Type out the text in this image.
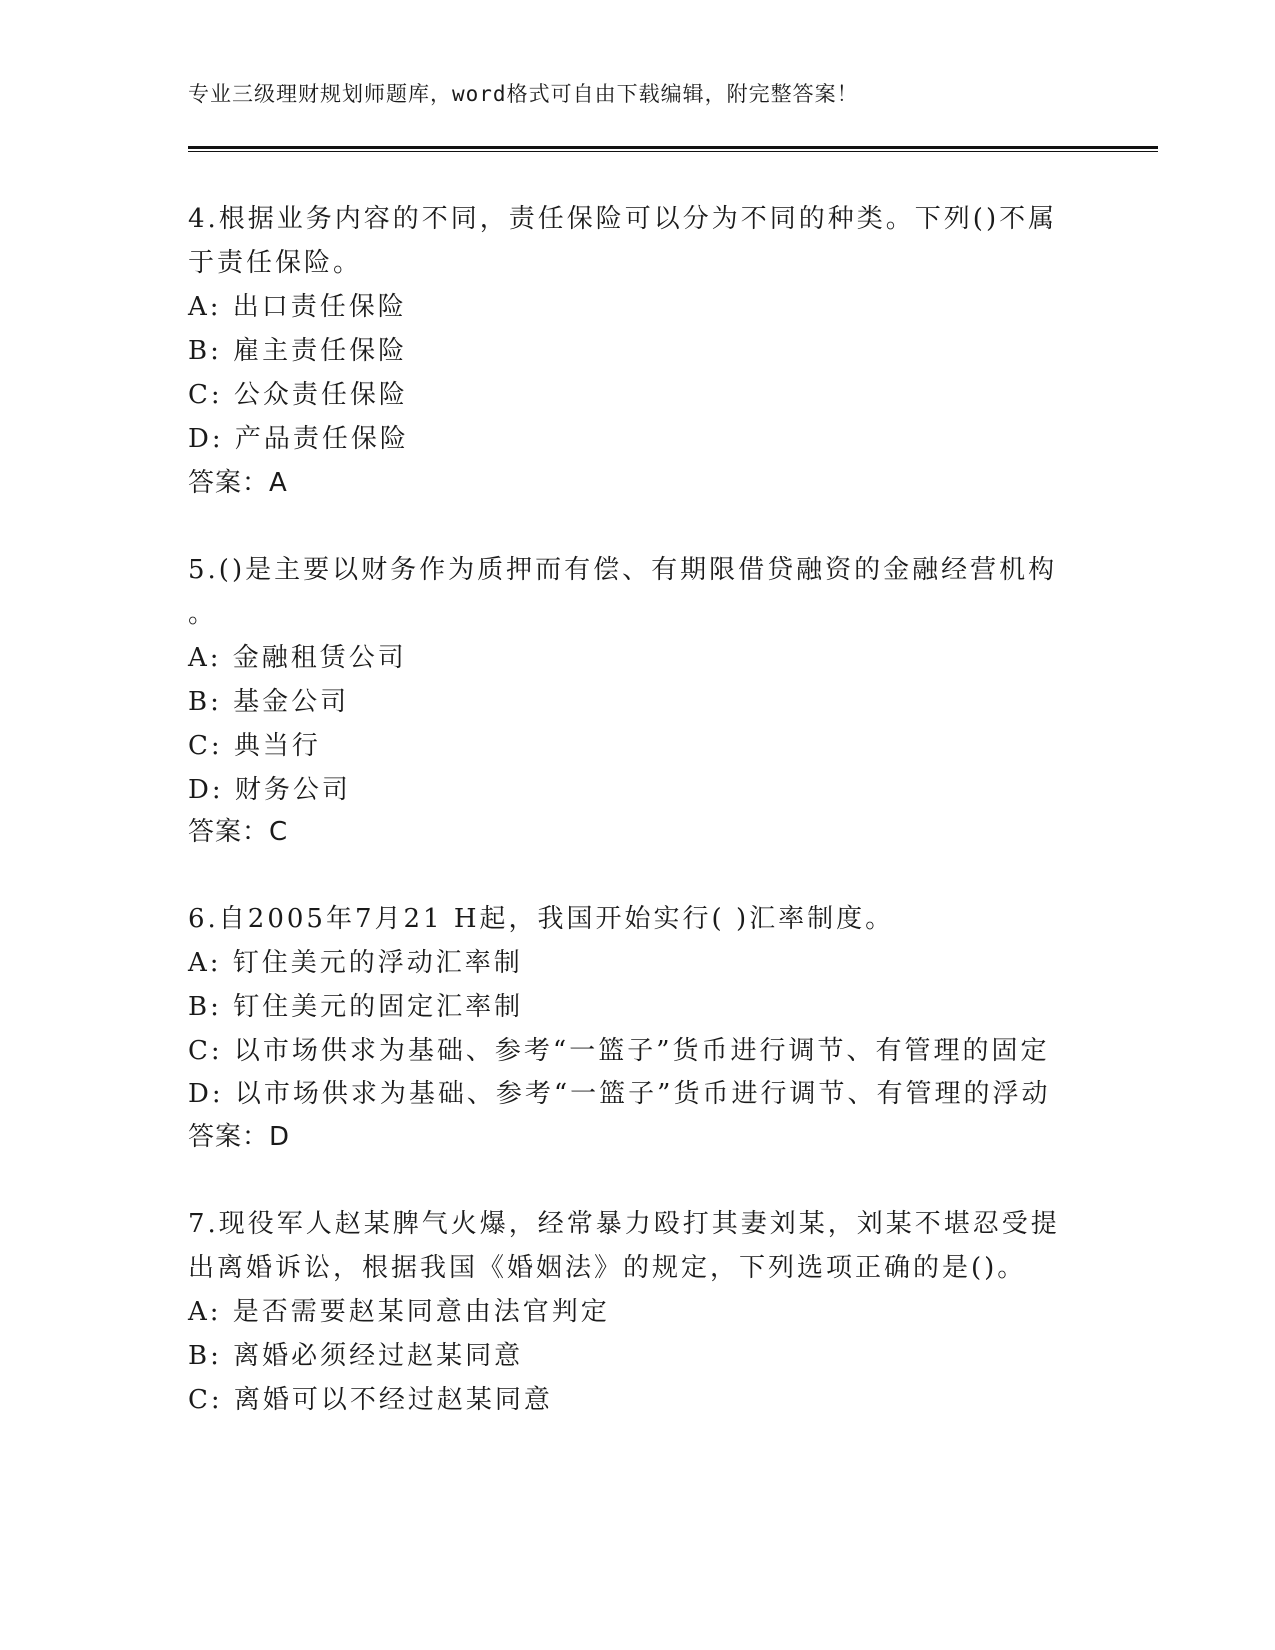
专业三级理财规划师题库，word格式可自由下载编辑，附完整答案！
4.根据业务内容的不同，责任保险可以分为不同的种类。下列()不属
于责任保险。
A: 出口责任保险
B: 雇主责任保险
C: 公众责任保险
D: 产品责任保险
答案：A
5.()是主要以财务作为质押而有偿、有期限借贷融资的金融经营机构
。
A: 金融租赁公司
B: 基金公司
C: 典当行
D: 财务公司
答案：C
6.自2005年7月21 H起，我国开始实行( )汇率制度。
A: 钉住美元的浮动汇率制
B: 钉住美元的固定汇率制
C: 以市场供求为基础、参考“一篮子”货币进行调节、有管理的固定
D: 以市场供求为基础、参考“一篮子”货币进行调节、有管理的浮动
答案：D
7.现役军人赵某脾气火爆，经常暴力殴打其妻刘某，刘某不堪忍受提
出离婚诉讼，根据我国《婚姻法》的规定，下列选项正确的是()。
A: 是否需要赵某同意由法官判定
B: 离婚必须经过赵某同意
C: 离婚可以不经过赵某同意
